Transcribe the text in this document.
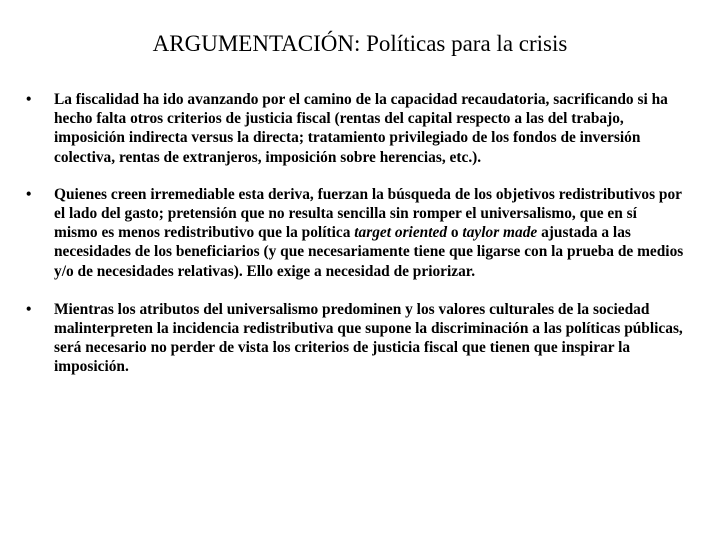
ARGUMENTACIÓN: Políticas para la crisis
• La fiscalidad ha ido avanzando por el camino de la capacidad recaudatoria, sacrificando si ha hecho falta otros criterios de justicia fiscal (rentas del capital respecto a las del trabajo, imposición indirecta versus la directa; tratamiento privilegiado de los fondos de inversión colectiva, rentas de extranjeros, imposición sobre herencias, etc.).
• Quienes creen irremediable esta deriva, fuerzan la búsqueda de los objetivos redistributivos por el lado del gasto; pretensión que no resulta sencilla sin romper el universalismo, que en sí mismo es menos redistributivo que la política target oriented o taylor made ajustada a las necesidades de los beneficiarios (y que necesariamente tiene que ligarse con la prueba de medios y/o de necesidades relativas). Ello exige a necesidad de priorizar.
• Mientras los atributos del universalismo predominen y los valores culturales de la sociedad malinterpreten la incidencia redistributiva que supone la discriminación a las políticas públicas, será necesario no perder de vista los criterios de justicia fiscal que tienen que inspirar la imposición.
